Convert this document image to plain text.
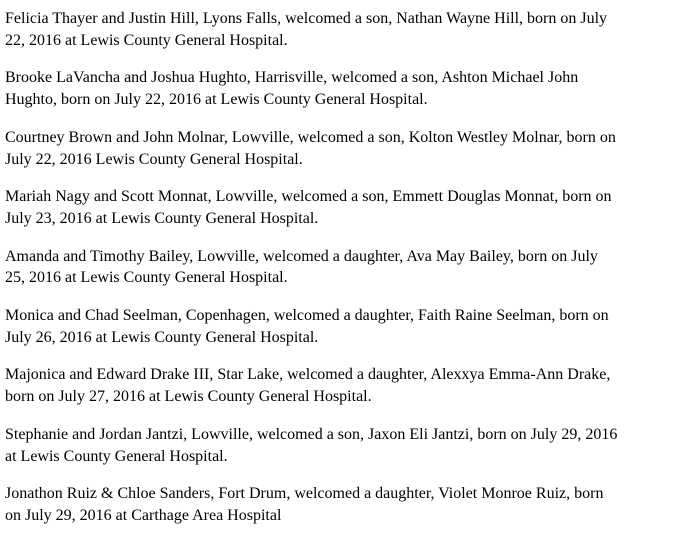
Felicia Thayer and Justin Hill, Lyons Falls, welcomed a son, Nathan Wayne Hill, born on July
22, 2016 at Lewis County General Hospital.

Brooke LaVancha and Joshua Hughto, Harrisville, welcomed a son, Ashton Michael John
Hughto, born on July 22, 2016 at Lewis County General Hospital.

Courtney Brown and John Molnar, Lowville, welcomed a son, Kolton Westley Molnar, born on
July 22, 2016 Lewis County General Hospital.

Mariah Nagy and Scott Monnat, Lowville, welcomed a son, Emmett Douglas Monnat, born on
July 23, 2016 at Lewis County General Hospital.

Amanda and Timothy Bailey, Lowville, welcomed a daughter, Ava May Bailey, born on July
25, 2016 at Lewis County General Hospital.

Monica and Chad Seelman, Copenhagen, welcomed a daughter, Faith Raine Seelman, born on
July 26, 2016 at Lewis County General Hospital.

Majonica and Edward Drake III, Star Lake, welcomed a daughter, Alexxya Emma-Ann Drake,
born on July 27, 2016 at Lewis County General Hospital.

Stephanie and Jordan Jantzi, Lowville, welcomed a son, Jaxon Eli Jantzi, born on July 29, 2016
at Lewis County General Hospital.

Jonathon Ruiz & Chloe Sanders, Fort Drum, welcomed a daughter, Violet Monroe Ruiz, born
on July 29, 2016 at Carthage Area Hospital
